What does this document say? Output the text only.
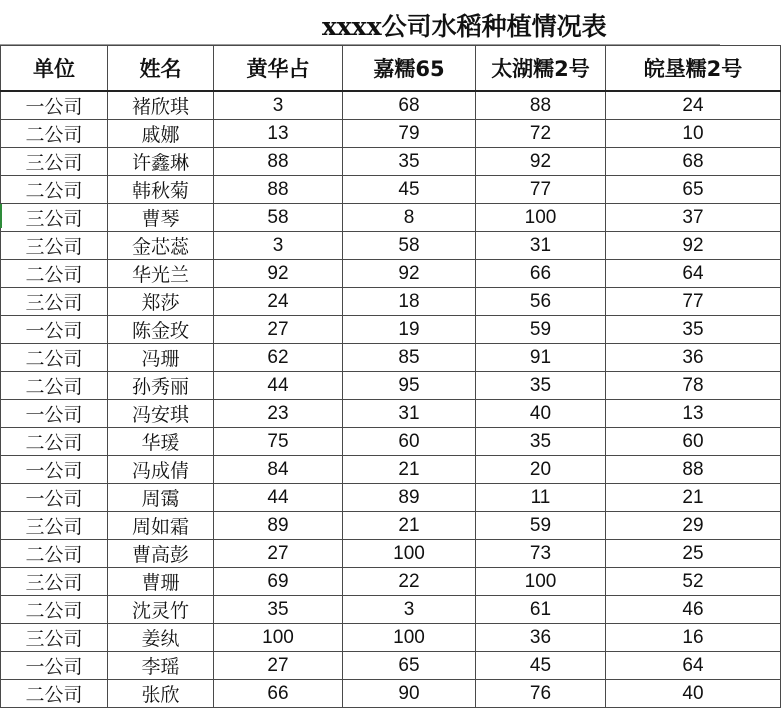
xxxx公司水稻种植情况表
单位	姓名	黄华占	嘉糯65	太湖糯2号	皖垦糯2号
一公司	褚欣琪	3	68	88	24
二公司	戚娜	13	79	72	10
三公司	许鑫琳	88	35	92	68
二公司	韩秋菊	88	45	77	65
三公司	曹琴	58	8	100	37
三公司	金芯蕊	3	58	31	92
二公司	华光兰	92	92	66	64
三公司	郑莎	24	18	56	77
一公司	陈金玫	27	19	59	35
二公司	冯珊	62	85	91	36
二公司	孙秀丽	44	95	35	78
一公司	冯安琪	23	31	40	13
二公司	华瑗	75	60	35	60
一公司	冯成倩	84	21	20	88
一公司	周霭	44	89	11	21
三公司	周如霜	89	21	59	29
二公司	曹高彭	27	100	73	25
三公司	曹珊	69	22	100	52
二公司	沈灵竹	35	3	61	46
三公司	姜纨	100	100	36	16
一公司	李瑶	27	65	45	64
二公司	张欣	66	90	76	40
